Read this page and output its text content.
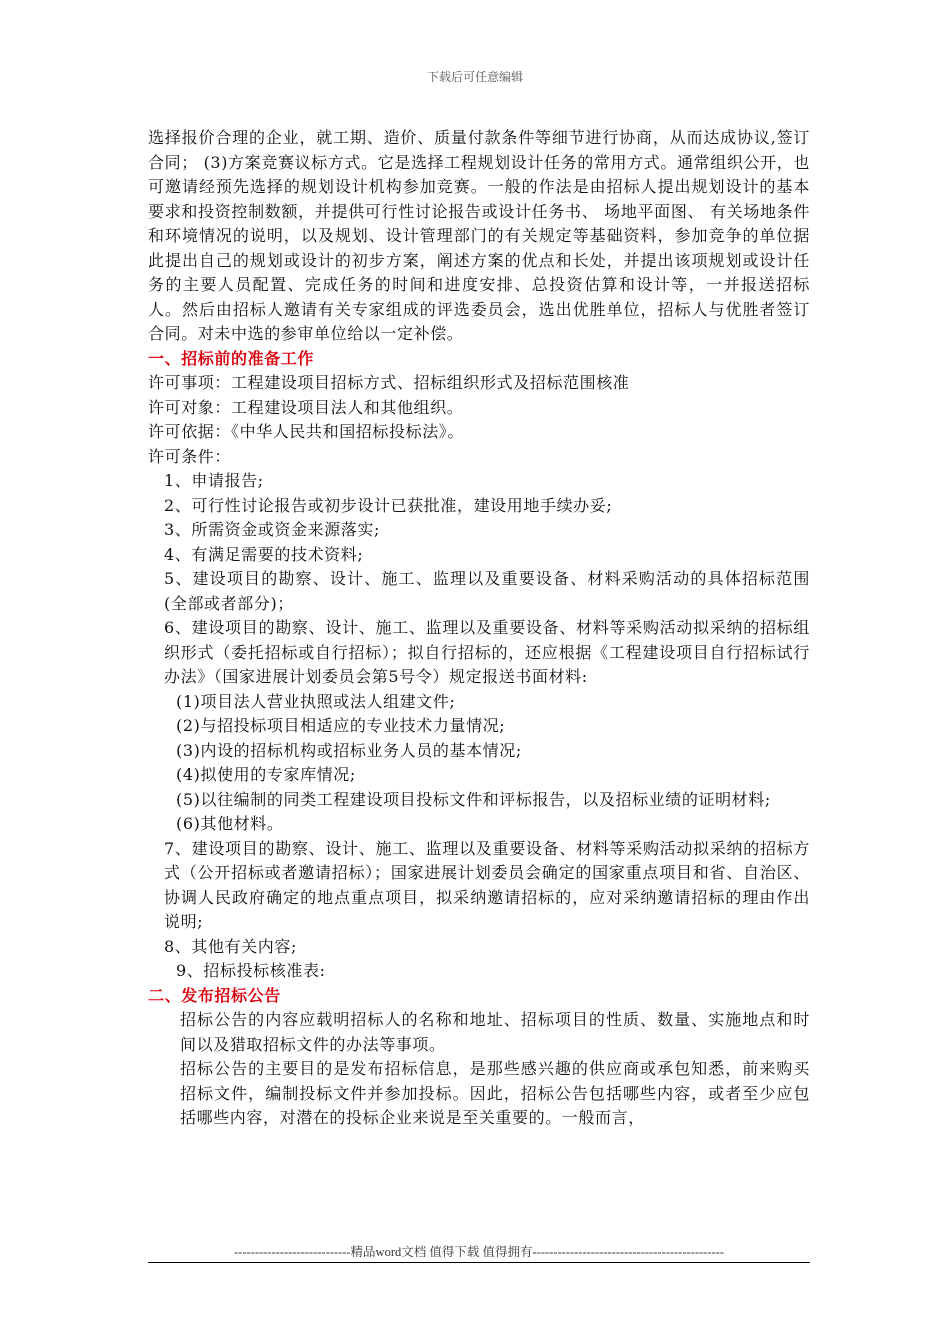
下载后可任意编辑

选择报价合理的企业，就工期、造价、质量付款条件等细节进行协商，从而达成协议,签订合同； (3)方案竞赛议标方式。它是选择工程规划设计任务的常用方式。通常组织公开，也可邀请经预先选择的规划设计机构参加竞赛。一般的作法是由招标人提出规划设计的基本要求和投资控制数额，并提供可行性讨论报告或设计任务书、 场地平面图、 有关场地条件和环境情况的说明，以及规划、设计管理部门的有关规定等基础资料，参加竞争的单位据此提出自己的规划或设计的初步方案，阐述方案的优点和长处，并提出该项规划或设计任务的主要人员配置、完成任务的时间和进度安排、总投资估算和设计等，一并报送招标人。然后由招标人邀请有关专家组成的评选委员会，选出优胜单位，招标人与优胜者签订合同。对未中选的参审单位给以一定补偿。

一、招标前的准备工作

许可事项：工程建设项目招标方式、招标组织形式及招标范围核准

许可对象：工程建设项目法人和其他组织。

许可依据：《中华人民共和国招标投标法》。

许可条件：

1、申请报告;

2、可行性讨论报告或初步设计已获批准，建设用地手续办妥;

3、所需资金或资金来源落实;

4、有满足需要的技术资料;

5、建设项目的勘察、设计、施工、监理以及重要设备、材料采购活动的具体招标范围(全部或者部分)；

6、建设项目的勘察、设计、施工、监理以及重要设备、材料等采购活动拟采纳的招标组织形式（委托招标或自行招标）；拟自行招标的，还应根据《工程建设项目自行招标试行办法》（国家进展计划委员会第5号令）规定报送书面材料:

(1)项目法人营业执照或法人组建文件;

(2)与招投标项目相适应的专业技术力量情况;

(3)内设的招标机构或招标业务人员的基本情况;

(4)拟使用的专家库情况;

(5)以往编制的同类工程建设项目投标文件和评标报告，以及招标业绩的证明材料;

(6)其他材料。

7、建设项目的勘察、设计、施工、监理以及重要设备、材料等采购活动拟采纳的招标方式（公开招标或者邀请招标）；国家进展计划委员会确定的国家重点项目和省、自治区、协调人民政府确定的地点重点项目，拟采纳邀请招标的，应对采纳邀请招标的理由作出说明;

8、其他有关内容;

9、招标投标核准表:

二、发布招标公告

招标公告的内容应载明招标人的名称和地址、招标项目的性质、数量、实施地点和时间以及猎取招标文件的办法等事项。

招标公告的主要目的是发布招标信息，是那些感兴趣的供应商或承包知悉，前来购买招标文件，编制投标文件并参加投标。因此，招标公告包括哪些内容，或者至少应包括哪些内容，对潜在的投标企业来说是至关重要的。一般而言，

----------------------------精品word文档 值得下载 值得拥有----------------------------------------------
